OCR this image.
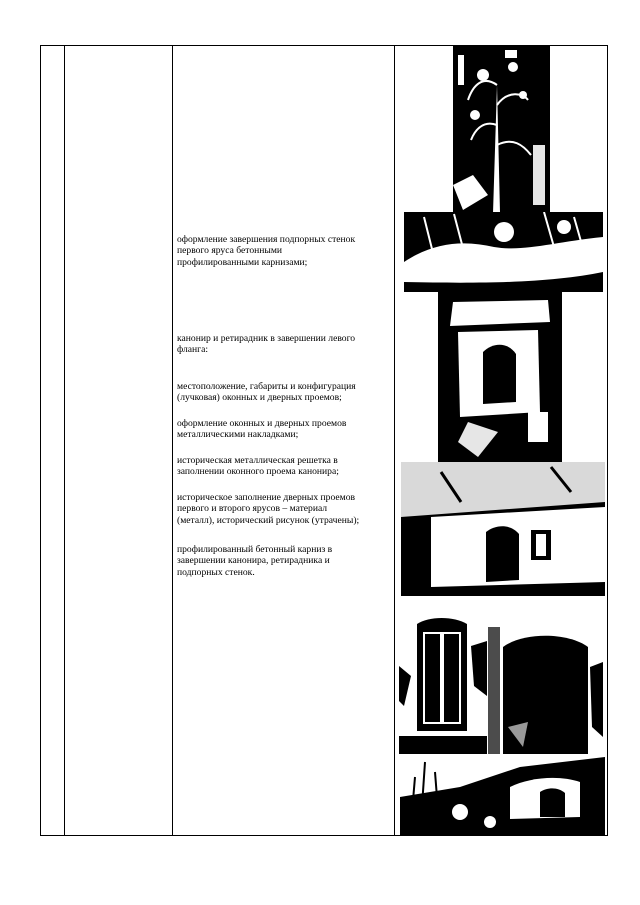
оформление завершения подпорных стенок
первого яруса бетонными
профилированными карнизами;
канонир и ретирадник в завершении левого
фланга:
местоположение, габариты и конфигурация
(лучковая) оконных и дверных проемов;
оформление оконных и дверных проемов
металлическими накладками;
историческая металлическая решетка в
заполнении оконного проема канонира;
историческое заполнение дверных проемов
первого и второго ярусов – материал
(металл), исторический рисунок (утрачены);
профилированный бетонный карниз в
завершении канонира, ретирадника и
подпорных стенок.
